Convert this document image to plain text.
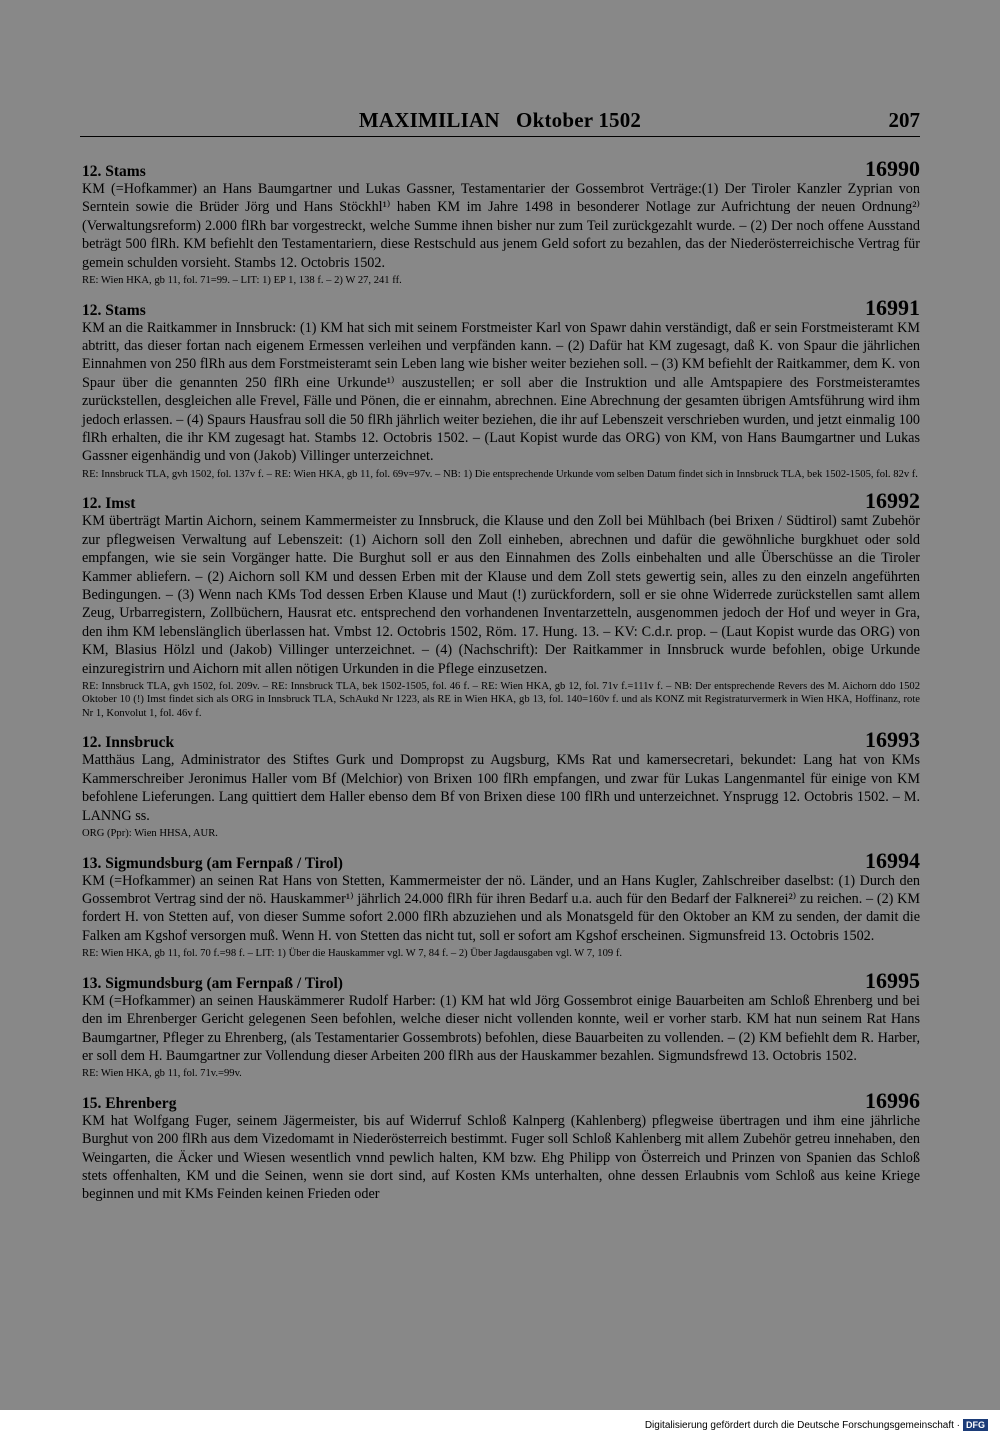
MAXIMILIAN   Oktober 1502	207
12. Stams	16990

KM (=Hofkammer) an Hans Baumgartner und Lukas Gassner, Testamentarier der Gossembrot Verträge:(1) Der Tiroler Kanzler Zyprian von Serntein sowie die Brüder Jörg und Hans Stöckhl¹⁾ haben KM im Jahre 1498 in besonderer Notlage zur Aufrichtung der neuen Ordnung²⁾ (Verwaltungsreform) 2.000 flRh bar vorgestreckt, welche Summe ihnen bisher nur zum Teil zurückgezahlt wurde. – (2) Der noch offene Ausstand beträgt 500 flRh. KM befiehlt den Testamentariern, diese Restschuld aus jenem Geld sofort zu bezahlen, das der Niederösterreichische Vertrag für gemein schulden vorsieht. Stambs 12. Octobris 1502.

RE: Wien HKA, gb 11, fol. 71=99. – LIT: 1) EP 1, 138 f. – 2) W 27, 241 ff.
12. Stams	16991

KM an die Raitkammer in Innsbruck: (1) KM hat sich mit seinem Forstmeister Karl von Spawr dahin verständigt, daß er sein Forstmeisteramt KM abtritt, das dieser fortan nach eigenem Ermessen verleihen und verpfänden kann. – (2) Dafür hat KM zugesagt, daß K. von Spaur die jährlichen Einnahmen von 250 flRh aus dem Forstmeisteramt sein Leben lang wie bisher weiter beziehen soll. – (3) KM befiehlt der Raitkammer, dem K. von Spaur über die genannten 250 flRh eine Urkunde¹⁾ auszustellen; er soll aber die Instruktion und alle Amtspapiere des Forstmeisteramtes zurückstellen, desgleichen alle Frevel, Fälle und Pönen, die er einnahm, abrechnen. Eine Abrechnung der gesamten übrigen Amtsführung wird ihm jedoch erlassen. – (4) Spaurs Hausfrau soll die 50 flRh jährlich weiter beziehen, die ihr auf Lebenszeit verschrieben wurden, und jetzt einmalig 100 flRh erhalten, die ihr KM zugesagt hat. Stambs 12. Octobris 1502. – (Laut Kopist wurde das ORG) von KM, von Hans Baumgartner und Lukas Gassner eigenhändig und von (Jakob) Villinger unterzeichnet.

RE: Innsbruck TLA, gvh 1502, fol. 137v f. – RE: Wien HKA, gb 11, fol. 69v=97v. – NB: 1) Die entsprechende Urkunde vom selben Datum findet sich in Innsbruck TLA, bek 1502-1505, fol. 82v f.
12. Imst	16992

KM überträgt Martin Aichorn, seinem Kammermeister zu Innsbruck, die Klause und den Zoll bei Mühlbach (bei Brixen / Südtirol) samt Zubehör zur pflegweisen Verwaltung auf Lebenszeit: (1) Aichorn soll den Zoll einheben, abrechnen und dafür die gewöhnliche burgkhuet oder sold empfangen, wie sie sein Vorgänger hatte. Die Burghut soll er aus den Einnahmen des Zolls einbehalten und alle Überschüsse an die Tiroler Kammer abliefern. – (2) Aichorn soll KM und dessen Erben mit der Klause und dem Zoll stets gewertig sein, alles zu den einzeln angeführten Bedingungen. – (3) Wenn nach KMs Tod dessen Erben Klause und Maut (!) zurückfordern, soll er sie ohne Widerrede zurückstellen samt allem Zeug, Urbarregistern, Zollbüchern, Hausrat etc. entsprechend den vorhandenen Inventarzetteln, ausgenommen jedoch der Hof und weyer in Gra, den ihm KM lebenslänglich überlassen hat. Vmbst 12. Octobris 1502, Röm. 17. Hung. 13. – KV: C.d.r. prop. – (Laut Kopist wurde das ORG) von KM, Blasius Hölzl und (Jakob) Villinger unterzeichnet. – (4) (Nachschrift): Der Raitkammer in Innsbruck wurde befohlen, obige Urkunde einzuregistrirn und Aichorn mit allen nötigen Urkunden in die Pflege einzusetzen.

RE: Innsbruck TLA, gvh 1502, fol. 209v. – RE: Innsbruck TLA, bek 1502-1505, fol. 46 f. – RE: Wien HKA, gb 12, fol. 71v f.=111v f. – NB: Der entsprechende Revers des M. Aichorn ddo 1502 Oktober 10 (!) Imst findet sich als ORG in Innsbruck TLA, SchAukd Nr 1223, als RE in Wien HKA, gb 13, fol. 140=160v f. und als KONZ mit Registraturvermerk in Wien HKA, Hoffinanz, rote Nr 1, Konvolut 1, fol. 46v f.
12. Innsbruck	16993

Matthäus Lang, Administrator des Stiftes Gurk und Dompropst zu Augsburg, KMs Rat und kamersecretari, bekundet: Lang hat von KMs Kammerschreiber Jeronimus Haller vom Bf (Melchior) von Brixen 100 flRh empfangen, und zwar für Lukas Langenmantel für einige von KM befohlene Lieferungen. Lang quittiert dem Haller ebenso dem Bf von Brixen diese 100 flRh und unterzeichnet. Ynsprugg 12. Octobris 1502. – M. LANNG ss.

ORG (Ppr): Wien HHSA, AUR.
13. Sigmundsburg (am Fernpaß / Tirol)	16994

KM (=Hofkammer) an seinen Rat Hans von Stetten, Kammermeister der nö. Länder, und an Hans Kugler, Zahlschreiber daselbst: (1) Durch den Gossembrot Vertrag sind der nö. Hauskammer¹⁾ jährlich 24.000 flRh für ihren Bedarf u.a. auch für den Bedarf der Falknerei²⁾ zu reichen. – (2) KM fordert H. von Stetten auf, von dieser Summe sofort 2.000 flRh abzuziehen und als Monatsgeld für den Oktober an KM zu senden, der damit die Falken am Kgshof versorgen muß. Wenn H. von Stetten das nicht tut, soll er sofort am Kgshof erscheinen. Sigmunsfreid 13. Octobris 1502.

RE: Wien HKA, gb 11, fol. 70 f.=98 f. – LIT: 1) Über die Hauskammer vgl. W 7, 84 f. – 2) Über Jagdausgaben vgl. W 7, 109 f.
13. Sigmundsburg (am Fernpaß / Tirol)	16995

KM (=Hofkammer) an seinen Hauskämmerer Rudolf Harber: (1) KM hat wld Jörg Gossembrot einige Bauarbeiten am Schloß Ehrenberg und bei den im Ehrenberger Gericht gelegenen Seen befohlen, welche dieser nicht vollenden konnte, weil er vorher starb. KM hat nun seinem Rat Hans Baumgartner, Pfleger zu Ehrenberg, (als Testamentarier Gossembrots) befohlen, diese Bauarbeiten zu vollenden. – (2) KM befiehlt dem R. Harber, er soll dem H. Baumgartner zur Vollendung dieser Arbeiten 200 flRh aus der Hauskammer bezahlen. Sigmundsfrewd 13. Octobris 1502.

RE: Wien HKA, gb 11, fol. 71v.=99v.
15. Ehrenberg	16996

KM hat Wolfgang Fuger, seinem Jägermeister, bis auf Widerruf Schloß Kalnperg (Kahlenberg) pflegweise übertragen und ihm eine jährliche Burghut von 200 flRh aus dem Vizedomamt in Niederösterreich bestimmt. Fuger soll Schloß Kahlenberg mit allem Zubehör getreu innehaben, den Weingarten, die Äcker und Wiesen wesentlich vnnd pewlich halten, KM bzw. Ehg Philipp von Österreich und Prinzen von Spanien das Schloß stets offenhalten, KM und die Seinen, wenn sie dort sind, auf Kosten KMs unterhalten, ohne dessen Erlaubnis vom Schloß aus keine Kriege beginnen und mit KMs Feinden keinen Frieden oder

Digitalisierung gefördert durch die Deutsche Forschungsgemeinschaft · DFG
